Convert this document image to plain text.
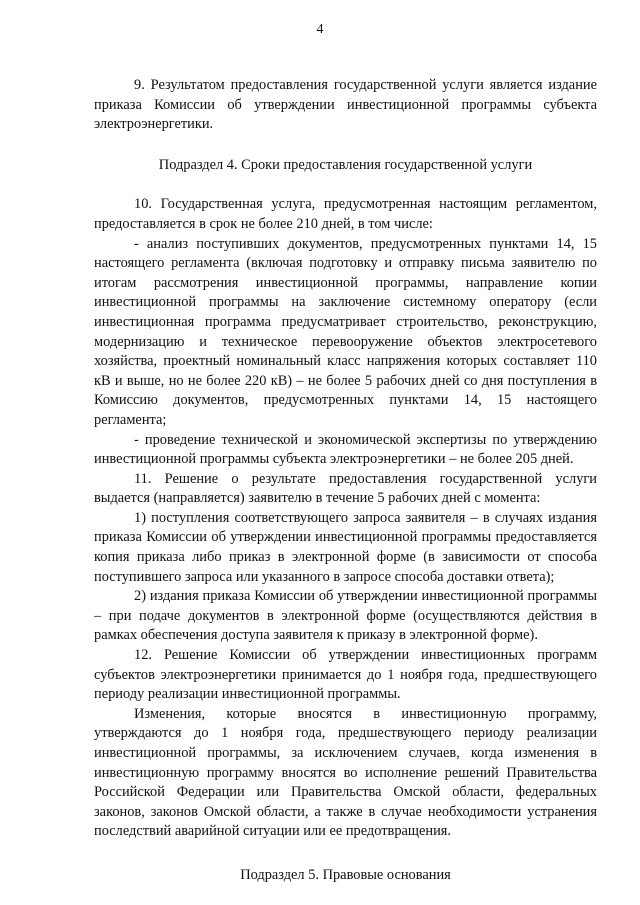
4

9. Результатом предоставления государственной услуги является издание приказа Комиссии об утверждении инвестиционной программы субъекта электроэнергетики.

Подраздел 4. Сроки предоставления государственной услуги

10. Государственная услуга, предусмотренная настоящим регламентом, предоставляется в срок не более 210 дней, в том числе:

- анализ поступивших документов, предусмотренных пунктами 14, 15 настоящего регламента (включая подготовку и отправку письма заявителю по итогам рассмотрения инвестиционной программы, направление копии инвестиционной программы на заключение системному оператору (если инвестиционная программа предусматривает строительство, реконструкцию, модернизацию и техническое перевооружение объектов электросетевого хозяйства, проектный номинальный класс напряжения которых составляет 110 кВ и выше, но не более 220 кВ) – не более 5 рабочих дней со дня поступления в Комиссию документов, предусмотренных пунктами 14, 15 настоящего регламента;

- проведение технической и экономической экспертизы по утверждению инвестиционной программы субъекта электроэнергетики – не более 205 дней.

11. Решение о результате предоставления государственной услуги выдается (направляется) заявителю в течение 5 рабочих дней с момента:

1) поступления соответствующего запроса заявителя – в случаях издания приказа Комиссии об утверждении инвестиционной программы предоставляется копия приказа либо приказ в электронной форме (в зависимости от способа поступившего запроса или указанного в запросе способа доставки ответа);

2) издания приказа Комиссии об утверждении инвестиционной программы – при подаче документов в электронной форме (осуществляются действия в рамках обеспечения доступа заявителя к приказу в электронной форме).

12. Решение Комиссии об утверждении инвестиционных программ субъектов электроэнергетики принимается до 1 ноября года, предшествующего периоду реализации инвестиционной программы.

Изменения, которые вносятся в инвестиционную программу, утверждаются до 1 ноября года, предшествующего периоду реализации инвестиционной программы, за исключением случаев, когда изменения в инвестиционную программу вносятся во исполнение решений Правительства Российской Федерации или Правительства Омской области, федеральных законов, законов Омской области, а также в случае необходимости устранения последствий аварийной ситуации или ее предотвращения.

Подраздел 5. Правовые основания
